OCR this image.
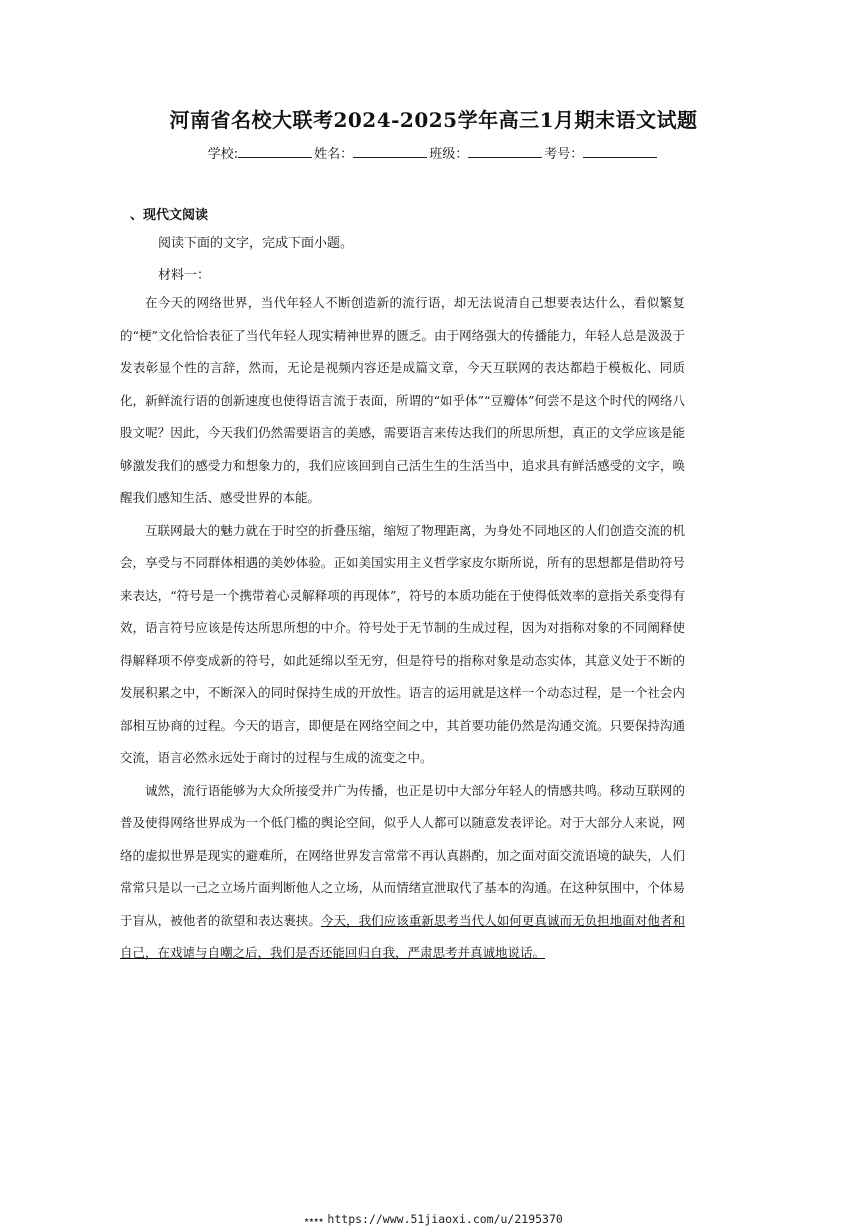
河南省名校大联考2024-2025学年高三1月期末语文试题
学校:	姓名：	班级：	考号：
、现代文阅读
阅读下面的文字，完成下面小题。
材料一：

在今天的网络世界，当代年轻人不断创造新的流行语，却无法说清自己想要表达什么，看似繁复的“梗”文化恰恰表征了当代年轻人现实精神世界的匮乏。由于网络强大的传播能力，年轻人总是汲汲于发表彰显个性的言辞，然而，无论是视频内容还是成篇文章，今天互联网的表达都趋于模板化、同质化，新鲜流行语的创新速度也使得语言流于表面，所谓的“如乎体”“豆瓣体”何尝不是这个时代的网络八股文呢？因此，今天我们仍然需要语言的美感，需要语言来传达我们的所思所想，真正的文学应该是能够激发我们的感受力和想象力的，我们应该回到自己活生生的生活当中，追求具有鲜活感受的文字，唤醒我们感知生活、感受世界的本能。

互联网最大的魅力就在于时空的折叠压缩，缩短了物理距离，为身处不同地区的人们创造交流的机会，享受与不同群体相遇的美妙体验。正如美国实用主义哲学家皮尔斯所说，所有的思想都是借助符号来表达，“符号是一个携带着心灵解释项的再现体”，符号的本质功能在于使得低效率的意指关系变得有效，语言符号应该是传达所思所想的中介。符号处于无节制的生成过程，因为对指称对象的不同阐释使得解释项不停变成新的符号，如此延绵以至无穷，但是符号的指称对象是动态实体，其意义处于不断的发展积累之中，不断深入的同时保持生成的开放性。语言的运用就是这样一个动态过程，是一个社会内部相互协商的过程。今天的语言，即便是在网络空间之中，其首要功能仍然是沟通交流。只要保持沟通交流，语言必然永远处于商讨的过程与生成的流变之中。

诚然，流行语能够为大众所接受并广为传播，也正是切中大部分年轻人的情感共鸣。移动互联网的普及使得网络世界成为一个低门槛的舆论空间，似乎人人都可以随意发表评论。对于大部分人来说，网络的虚拟世界是现实的避难所，在网络世界发言常常不再认真斟酌，加之面对面交流语境的缺失，人们常常只是以一己之立场片面判断他人之立场，从而情绪宣泄取代了基本的沟通。在这种氛围中，个体易于盲从，被他者的欲望和表达裹挟。今天，我们应该重新思考当代人如何更真诚而无负担地面对他者和自己，在戏谑与自嘲之后，我们是否还能回归自我，严肃思考并真诚地说话。

★★★★ https://www.51jiaoxi.com/u/2195370
